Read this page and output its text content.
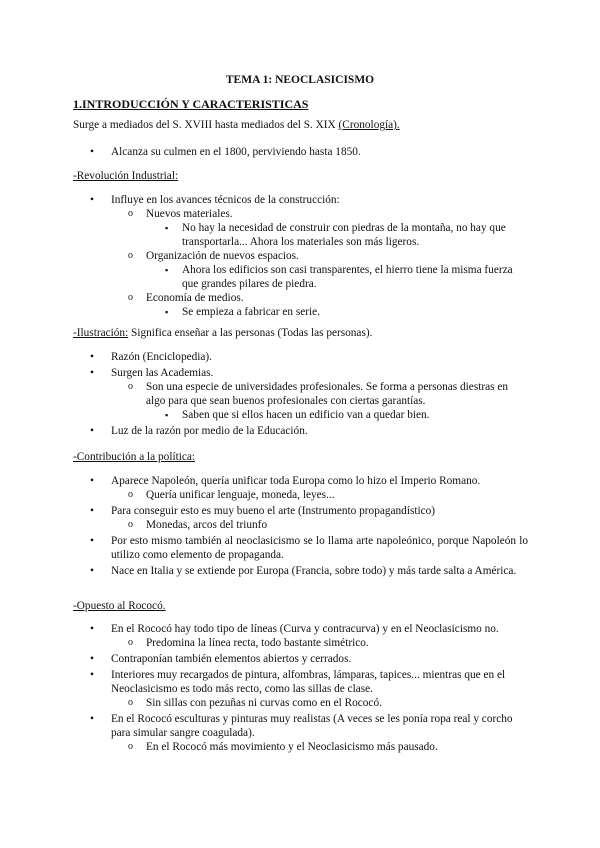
TEMA 1: NEOCLASICISMO
1.INTRODUCCIÓN Y CARACTERISTICAS
Surge a mediados del S. XVIII hasta mediados del S. XIX (Cronología).
• Alcanza su culmen en el 1800, perviviendo hasta 1850.
-Revolución Industrial:
• Influye en los avances técnicos de la construcción:
o Nuevos materiales.
▪ No hay la necesidad de construir con piedras de la montaña, no hay que transportarla... Ahora los materiales son más ligeros.
o Organización de nuevos espacios.
▪ Ahora los edificios son casi transparentes, el hierro tiene la misma fuerza que grandes pilares de piedra.
o Economía de medios.
▪ Se empieza a fabricar en serie.
-Ilustración: Significa enseñar a las personas (Todas las personas).
• Razón (Enciclopedia).
• Surgen las Academias.
o Son una especie de universidades profesionales. Se forma a personas diestras en algo para que sean buenos profesionales con ciertas garantías.
▪ Saben que si ellos hacen un edificio van a quedar bien.
• Luz de la razón por medio de la Educación.
-Contribución a la política:
• Aparece Napoleón, quería unificar toda Europa como lo hizo el Imperio Romano.
o Quería unificar lenguaje, moneda, leyes...
• Para conseguir esto es muy bueno el arte (Instrumento propagandístico)
o Monedas, arcos del triunfo
• Por esto mismo también al neoclasicismo se lo llama arte napoleónico, porque Napoleón lo utilizo como elemento de propaganda.
• Nace en Italia y se extiende por Europa (Francia, sobre todo) y más tarde salta a América.
-Opuesto al Rococó.
• En el Rococó hay todo tipo de líneas (Curva y contracurva) y en el Neoclasicismo no.
o Predomina la línea recta, todo bastante simétrico.
• Contraponían también elementos abiertos y cerrados.
• Interiores muy recargados de pintura, alfombras, lámparas, tapices... mientras que en el Neoclasicismo es todo más recto, como las sillas de clase.
o Sin sillas con pezuñas ni curvas como en el Rococó.
• En el Rococó esculturas y pinturas muy realistas (A veces se les ponía ropa real y corcho para simular sangre coagulada).
o En el Rococó más movimiento y el Neoclasicismo más pausado.
